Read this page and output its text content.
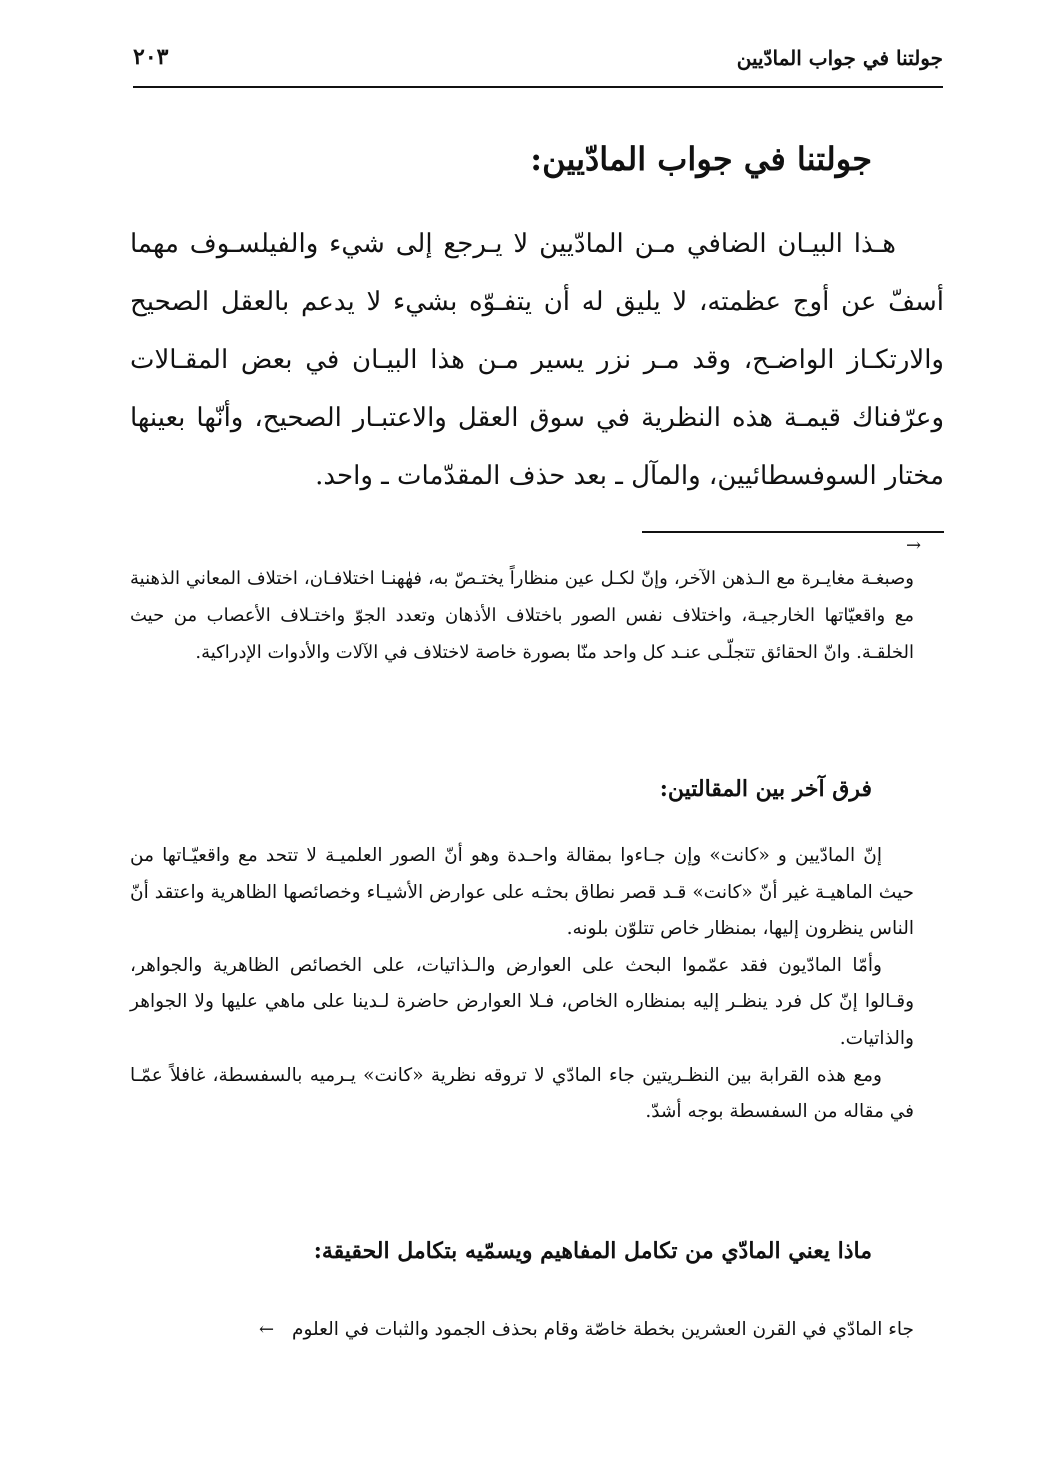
جولتنا في جواب المادّيين
٢٠٣
جولتنا في جواب المادّيين:

هـذا البيـان الضافي مـن المادّيين لا يـرجع إلى شيء والفيلسـوف مهما أسفّ عن أوج عظمته، لا يليق له أن يتفـوّه بشيء لا يدعم بالعقل الصحيح والارتكـاز الواضـح، وقد مـر نزر يسير مـن هذا البيـان في بعض المقـالات وعرّفناك قيمـة هذه النظرية في سوق العقل والاعتبـار الصحيح، وأنّها بعينها مختار السوفسطائيين، والمآل ـ بعد حذف المقدّمات ـ واحد.

→

وصبغـة مغايـرة مع الـذهن الآخر، وإنّ لكـل عين منظاراً يختـصّ به، فهٰهنـا اختلافـان، اختلاف المعاني الذهنية مع واقعيّاتها الخارجيـة، واختلاف نفس الصور باختلاف الأذهان وتعدد الجوّ واختـلاف الأعصاب من حيث الخلقـة. وانّ الحقائق تتجلّـى عنـد كل واحد منّا بصورة خاصة لاختلاف في الآلات والأدوات الإدراكية.

فرق آخر بين المقالتين:

إنّ المادّيين و «كانت» وإن جـاءوا بمقالة واحـدة وهو أنّ الصور العلميـة لا تتحد مع واقعيّـاتها من حيث الماهيـة غير أنّ «كانت» قـد قصر نطاق بحثـه على عوارض الأشيـاء وخصائصها الظاهرية واعتقد أنّ الناس ينظرون إليها، بمنظار خاص تتلوّن بلونه.

وأمّا المادّيون فقد عمّموا البحث على العوارض والـذاتيات، على الخصائص الظاهرية والجواهر، وقـالوا إنّ كل فرد ينظـر إليه بمنظاره الخاص، فـلا العوارض حاضرة لـدينا على ماهي عليها ولا الجواهر والذاتيات.

ومع هذه القرابة بين النظـريتين جاء المادّي لا تروقه نظرية «كانت» يـرميه بالسفسطة، غافلاً عمّـا في مقاله من السفسطة بوجه أشدّ.

ماذا يعني المادّي من تكامل المفاهيم ويسمّيه بتكامل الحقيقة:
جاء المادّي في القرن العشرين بخطة خاصّة وقام بحذف الجمود والثبات في العلوم ←
